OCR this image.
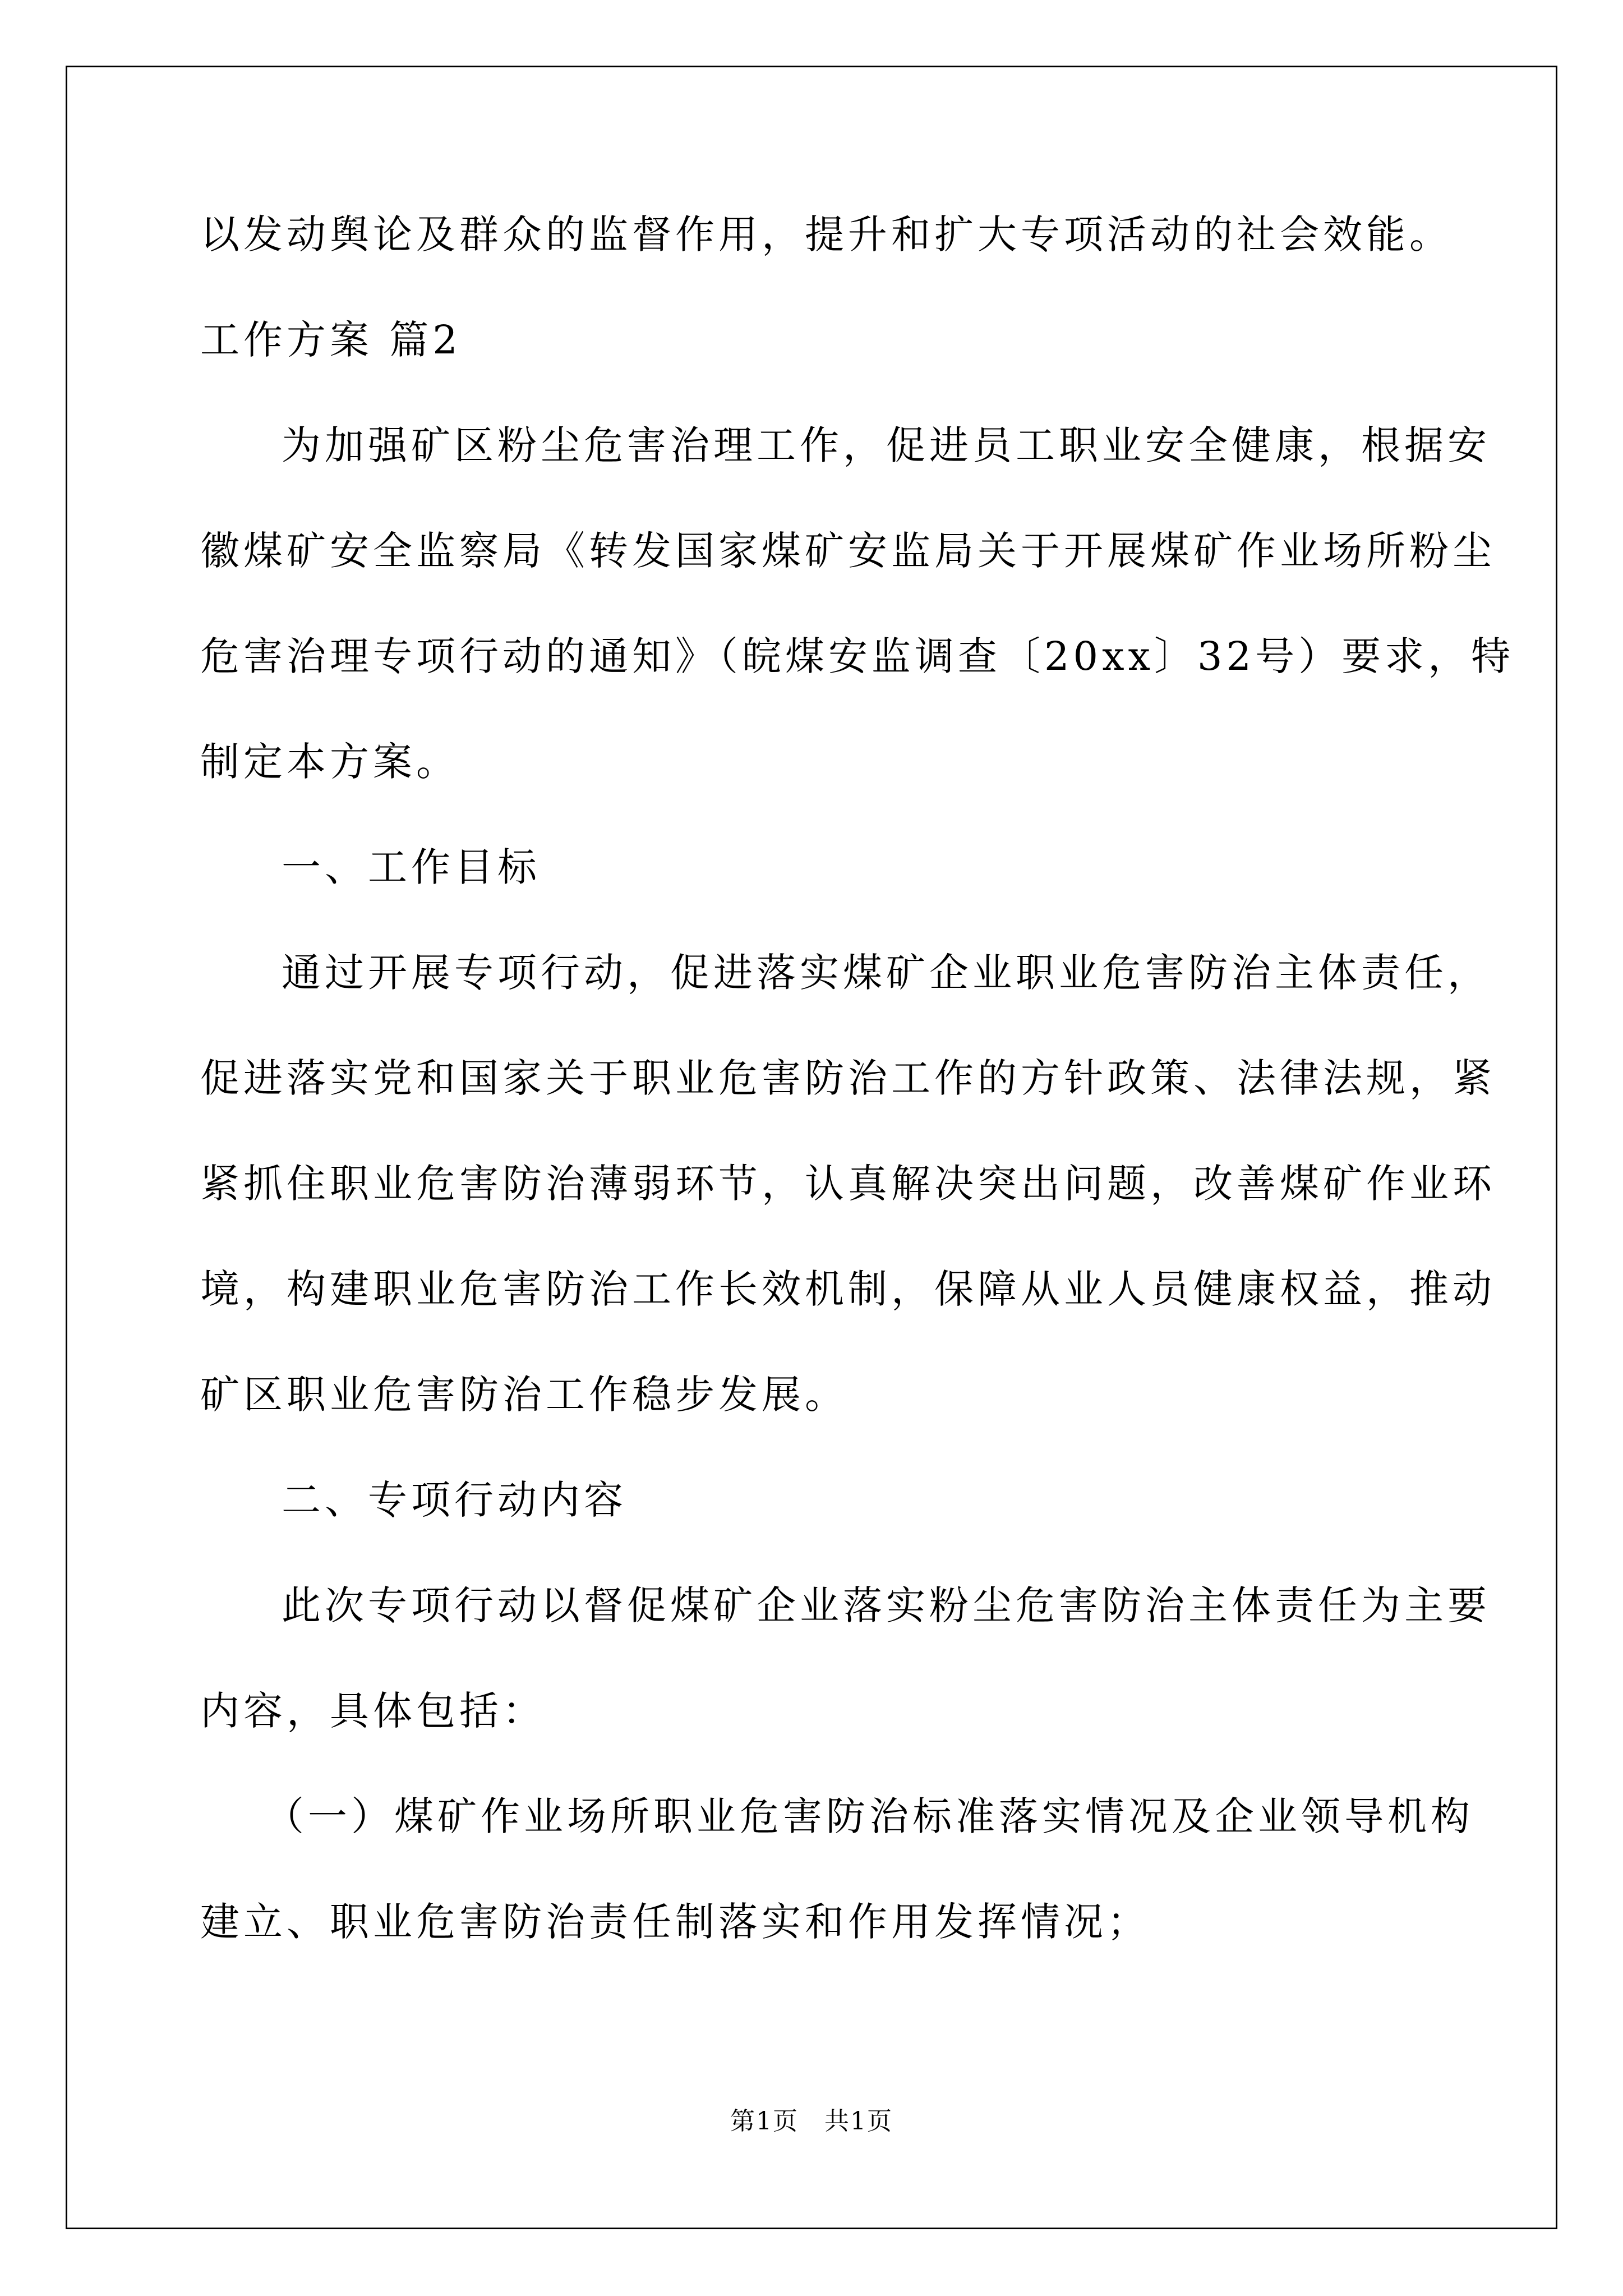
以发动舆论及群众的监督作用，提升和扩大专项活动的社会效能。
工作方案 篇2
为加强矿区粉尘危害治理工作，促进员工职业安全健康，根据安
徽煤矿安全监察局《转发国家煤矿安监局关于开展煤矿作业场所粉尘
危害治理专项行动的通知》（皖煤安监调查〔20xx〕32号）要求，特
制定本方案。
一、工作目标
通过开展专项行动，促进落实煤矿企业职业危害防治主体责任，
促进落实党和国家关于职业危害防治工作的方针政策、法律法规，紧
紧抓住职业危害防治薄弱环节，认真解决突出问题，改善煤矿作业环
境，构建职业危害防治工作长效机制，保障从业人员健康权益，推动
矿区职业危害防治工作稳步发展。
二、专项行动内容
此次专项行动以督促煤矿企业落实粉尘危害防治主体责任为主要
内容，具体包括：
（一）煤矿作业场所职业危害防治标准落实情况及企业领导机构
建立、职业危害防治责任制落实和作用发挥情况；
第1页　共1页
